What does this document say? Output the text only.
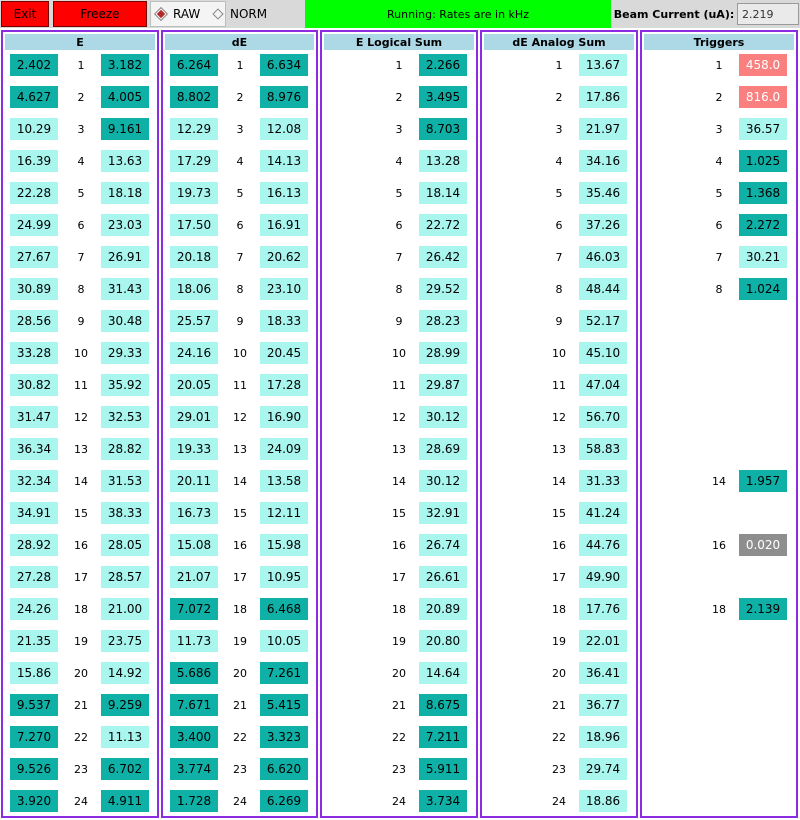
Exit	Freeze	RAW NORM	Running: Rates are in kHz	Beam Current (uA): 2.219
E
2.402	1	3.182
4.627	2	4.005
10.29	3	9.161
16.39	4	13.63
22.28	5	18.18
24.99	6	23.03
27.67	7	26.91
30.89	8	31.43
28.56	9	30.48
33.28	10	29.33
30.82	11	35.92
31.47	12	32.53
36.34	13	28.82
32.34	14	31.53
34.91	15	38.33
28.92	16	28.05
27.28	17	28.57
24.26	18	21.00
21.35	19	23.75
15.86	20	14.92
9.537	21	9.259
7.270	22	11.13
9.526	23	6.702
3.920	24	4.911
dE
6.264	1	6.634
8.802	2	8.976
12.29	3	12.08
17.29	4	14.13
19.73	5	16.13
17.50	6	16.91
20.18	7	20.62
18.06	8	23.10
25.57	9	18.33
24.16	10	20.45
20.05	11	17.28
29.01	12	16.90
19.33	13	24.09
20.11	14	13.58
16.73	15	12.11
15.08	16	15.98
21.07	17	10.95
7.072	18	6.468
11.73	19	10.05
5.686	20	7.261
7.671	21	5.415
3.400	22	3.323
3.774	23	6.620
1.728	24	6.269
E Logical Sum
1	2.266
2	3.495
3	8.703
4	13.28
5	18.14
6	22.72
7	26.42
8	29.52
9	28.23
10	28.99
11	29.87
12	30.12
13	28.69
14	30.12
15	32.91
16	26.74
17	26.61
18	20.89
19	20.80
20	14.64
21	8.675
22	7.211
23	5.911
24	3.734
dE Analog Sum
1	13.67
2	17.86
3	21.97
4	34.16
5	35.46
6	37.26
7	46.03
8	48.44
9	52.17
10	45.10
11	47.04
12	56.70
13	58.83
14	31.33
15	41.24
16	44.76
17	49.90
18	17.76
19	22.01
20	36.41
21	36.77
22	18.96
23	29.74
24	18.86
Triggers
1	458.0
2	816.0
3	36.57
4	1.025
5	1.368
6	2.272
7	30.21
8	1.024
14	1.957
16	0.020
18	2.139
